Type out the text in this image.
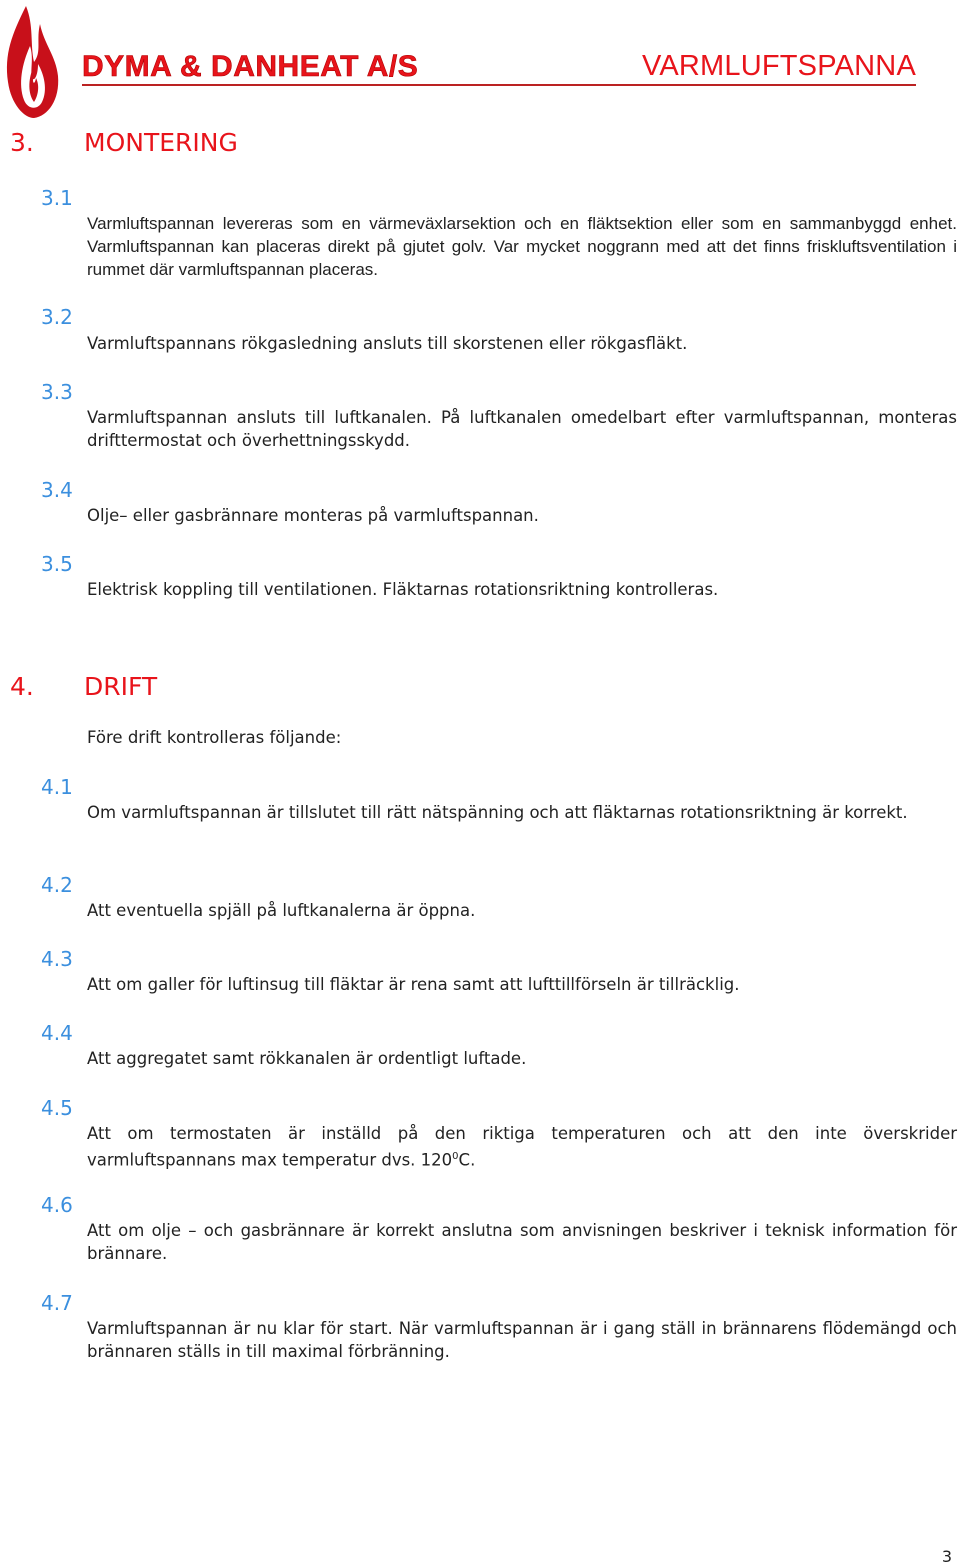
DYMA & DANHEAT A/S	VARMLUFTSPANNA
3. MONTERING
3.1
Varmluftspannan levereras som en värmeväxlarsektion och en fläktsektion eller som en sammanbyggd enhet. Varmluftspannan kan placeras direkt på gjutet golv. Var mycket noggrann med att det finns friskluftsventilation i rummet där varmluftspannan placeras.
3.2
Varmluftspannans rökgasledning ansluts till skorstenen eller rökgasfläkt.
3.3
Varmluftspannan ansluts till luftkanalen. På luftkanalen omedelbart efter varmluftspannan, monteras drifttermostat och överhettningsskydd.
3.4
Olje– eller gasbrännare monteras på varmluftspannan.
3.5
Elektrisk koppling till ventilationen. Fläktarnas rotationsriktning kontrolleras.
4. DRIFT
Före drift kontrolleras följande:
4.1
Om varmluftspannan är tillslutet till rätt nätspänning och att fläktarnas rotationsriktning är korrekt.
4.2
Att eventuella spjäll på luftkanalerna är öppna.
4.3
Att om galler för luftinsug till fläktar är rena samt att lufttillförseln är tillräcklig.
4.4
Att aggregatet samt rökkanalen är ordentligt luftade.
4.5
Att om termostaten är inställd på den riktiga temperaturen och att den inte överskrider varmluftspannans max temperatur dvs. $120^0C$.
4.6
Att om olje – och gasbrännare är korrekt anslutna som anvisningen beskriver i teknisk information för brännare.
4.7
Varmluftspannan är nu klar för start. När varmluftspannan är i gang ställ in brännarens flödemängd och brännaren ställs in till maximal förbränning.
3
